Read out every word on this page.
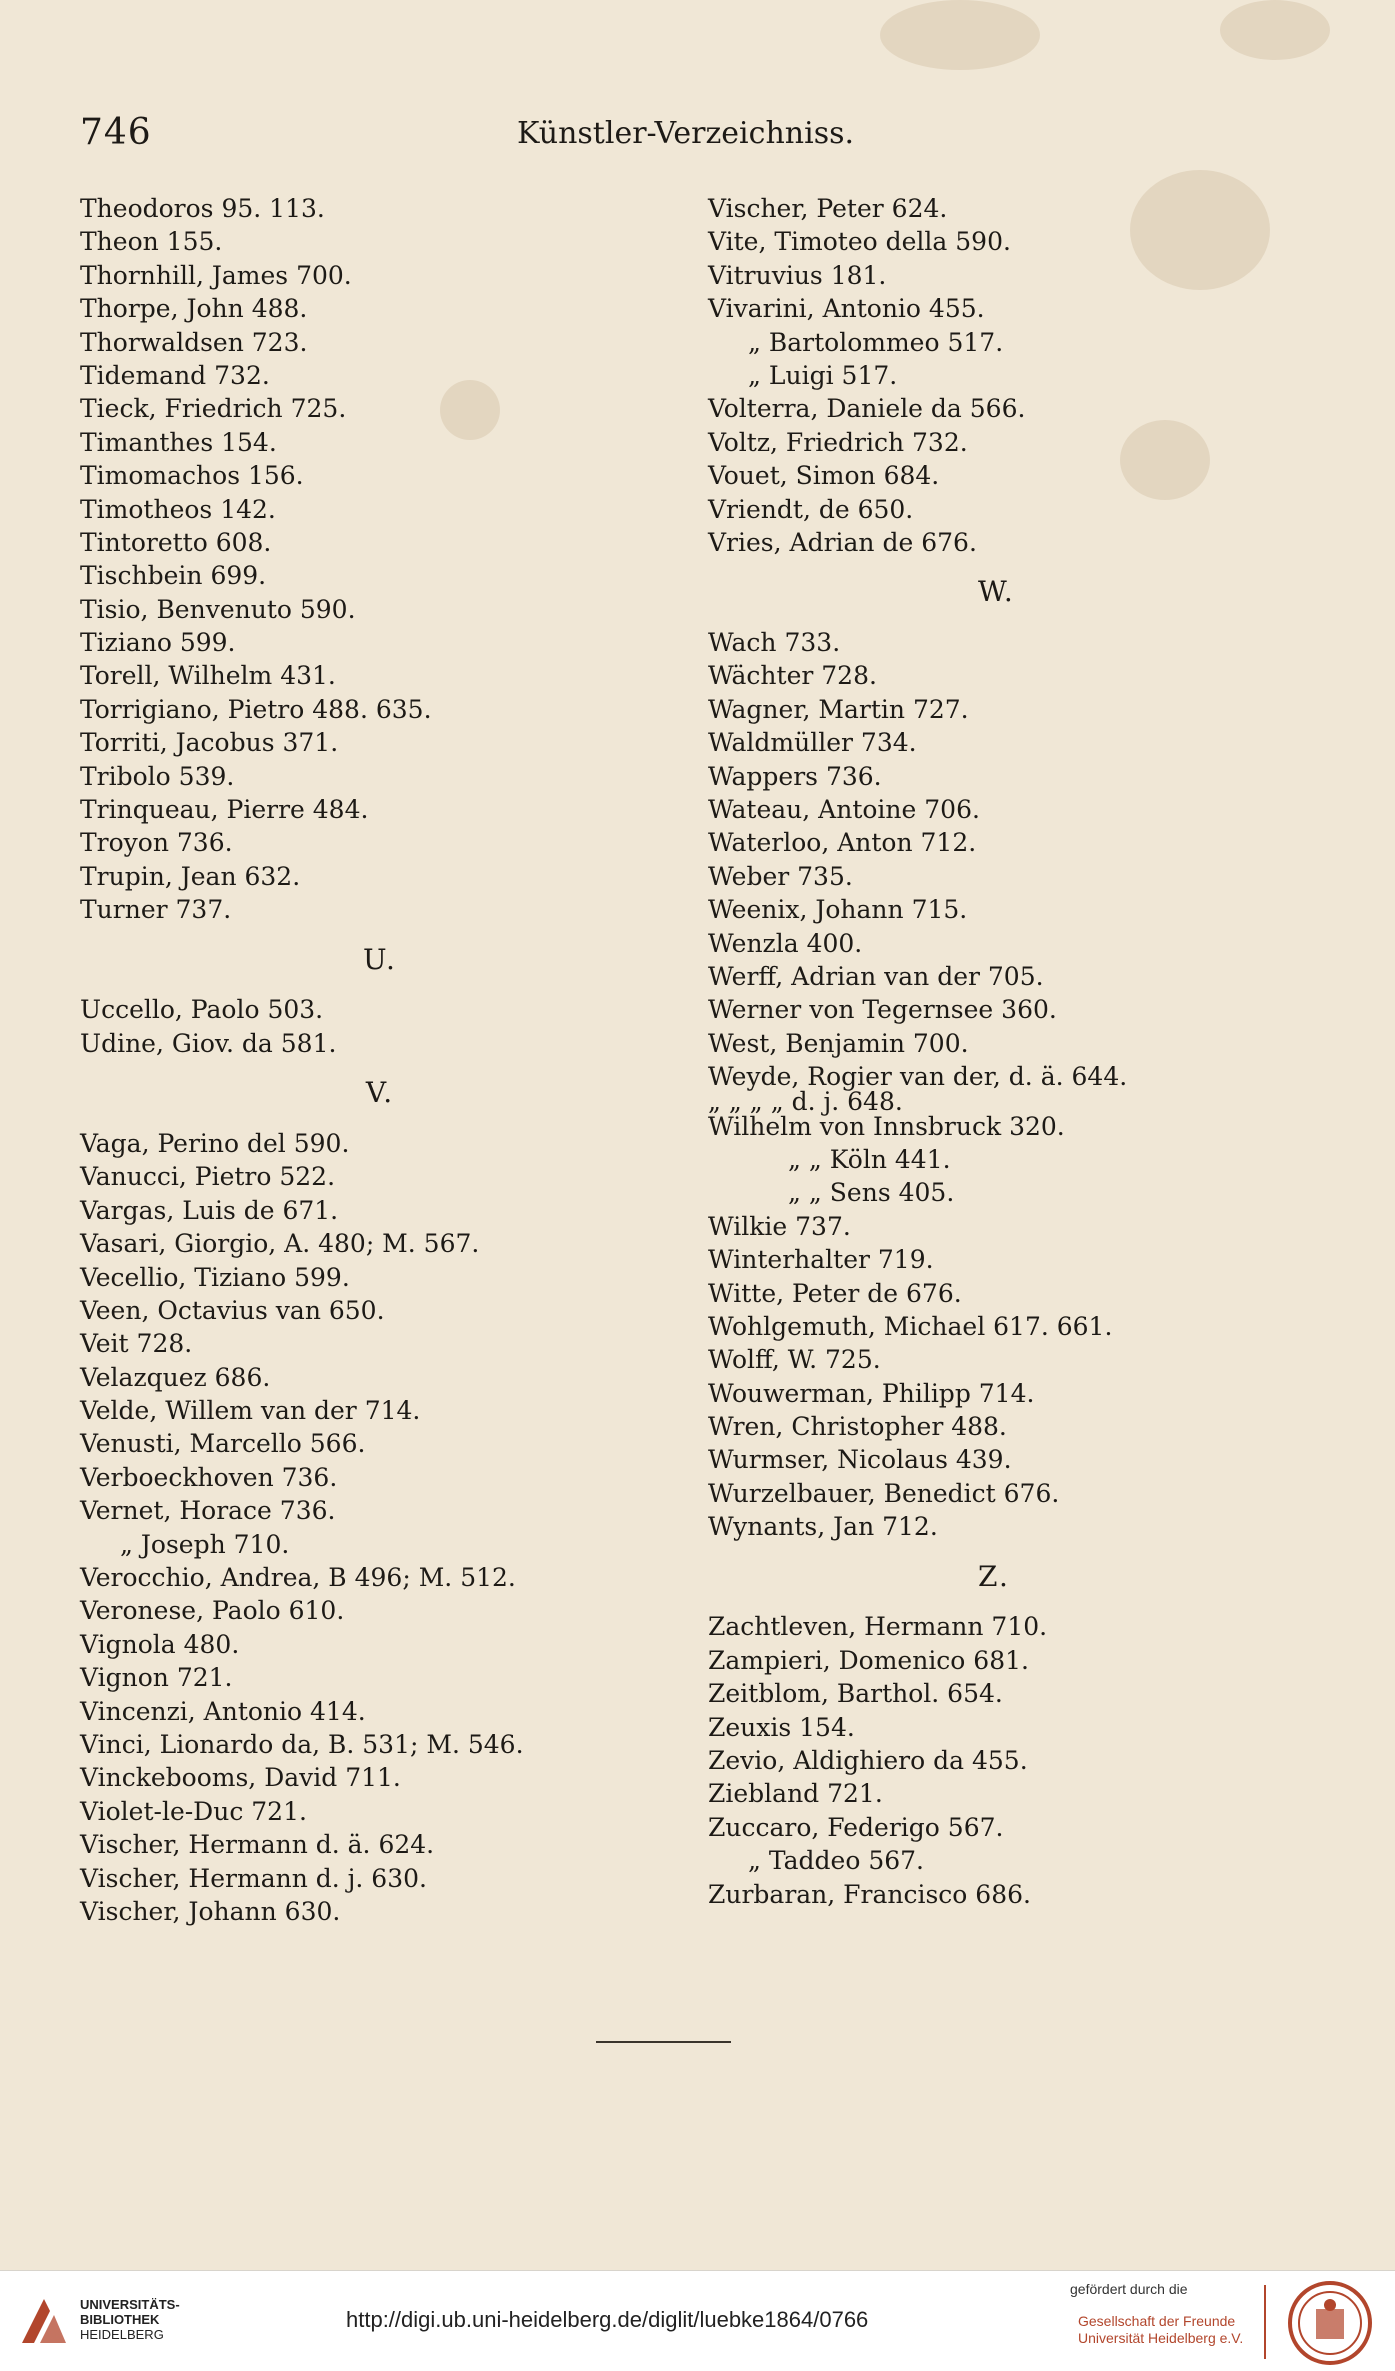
746	Künstler-Verzeichniss.
Theodoros 95. 113.
Theon 155.
Thornhill, James 700.
Thorpe, John 488.
Thorwaldsen 723.
Tidemand 732.
Tieck, Friedrich 725.
Timanthes 154.
Timomachos 156.
Timotheos 142.
Tintoretto 608.
Tischbein 699.
Tisio, Benvenuto 590.
Tiziano 599.
Torell, Wilhelm 431.
Torrigiano, Pietro 488. 635.
Torriti, Jacobus 371.
Tribolo 539.
Trinqueau, Pierre 484.
Troyon 736.
Trupin, Jean 632.
Turner 737.
U.
Uccello, Paolo 503.
Udine, Giov. da 581.
V.
Vaga, Perino del 590.
Vanucci, Pietro 522.
Vargas, Luis de 671.
Vasari, Giorgio, A. 480; M. 567.
Vecellio, Tiziano 599.
Veen, Octavius van 650.
Veit 728.
Velazquez 686.
Velde, Willem van der 714.
Venusti, Marcello 566.
Verboeckhoven 736.
Vernet, Horace 736.
„ Joseph 710.
Verocchio, Andrea, B 496; M. 512.
Veronese, Paolo 610.
Vignola 480.
Vignon 721.
Vincenzi, Antonio 414.
Vinci, Lionardo da, B. 531; M. 546.
Vinckebooms, David 711.
Violet-le-Duc 721.
Vischer, Hermann d. ä. 624.
Vischer, Hermann d. j. 630.
Vischer, Johann 630.
Vischer, Peter 624.
Vite, Timoteo della 590.
Vitruvius 181.
Vivarini, Antonio 455.
„ Bartolommeo 517.
„ Luigi 517.
Volterra, Daniele da 566.
Voltz, Friedrich 732.
Vouet, Simon 684.
Vriendt, de 650.
Vries, Adrian de 676.
W.
Wach 733.
Wächter 728.
Wagner, Martin 727.
Waldmüller 734.
Wappers 736.
Wateau, Antoine 706.
Waterloo, Anton 712.
Weber 735.
Weenix, Johann 715.
Wenzla 400.
Werff, Adrian van der 705.
Werner von Tegernsee 360.
West, Benjamin 700.
Weyde, Rogier van der, d. ä. 644.
„ „ „ „ d. j. 648.
Wilhelm von Innsbruck 320.
„ „ Köln 441.
„ „ Sens 405.
Wilkie 737.
Winterhalter 719.
Witte, Peter de 676.
Wohlgemuth, Michael 617. 661.
Wolff, W. 725.
Wouwerman, Philipp 714.
Wren, Christopher 488.
Wurmser, Nicolaus 439.
Wurzelbauer, Benedict 676.
Wynants, Jan 712.
Z.
Zachtleven, Hermann 710.
Zampieri, Domenico 681.
Zeitblom, Barthol. 654.
Zeuxis 154.
Zevio, Aldighiero da 455.
Ziebland 721.
Zuccaro, Federigo 567.
„ Taddeo 567.
Zurbaran, Francisco 686.
UNIVERSITÄTS-
BIBLIOTHEK
HEIDELBERG
http://digi.ub.uni-heidelberg.de/diglit/luebke1864/0766
gefördert durch die
Gesellschaft der Freunde
Universität Heidelberg e.V.
